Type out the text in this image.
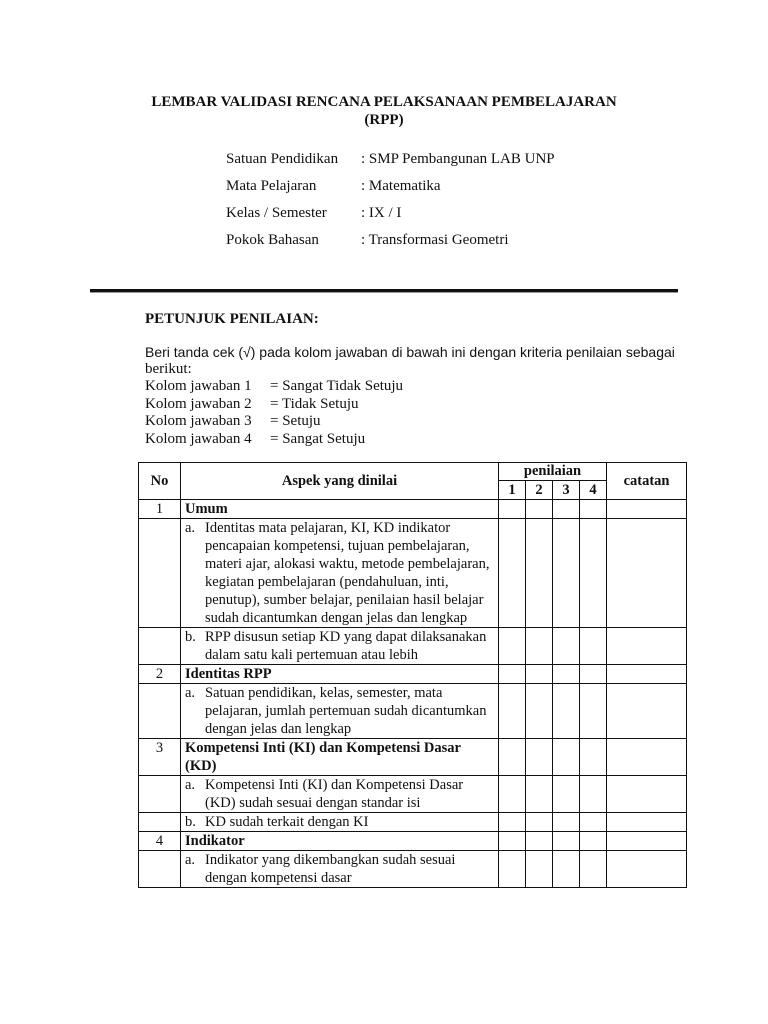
LEMBAR VALIDASI RENCANA PELAKSANAAN PEMBELAJARAN
(RPP)
Satuan Pendidikan	: SMP Pembangunan LAB UNP
Mata Pelajaran	: Matematika
Kelas / Semester	: IX / I
Pokok Bahasan	: Transformasi Geometri
PETUNJUK PENILAIAN:
Beri tanda cek (√) pada kolom jawaban di bawah ini dengan kriteria penilaian sebagai
berikut:
Kolom jawaban 1	= Sangat Tidak Setuju
Kolom jawaban 2	= Tidak Setuju
Kolom jawaban 3	= Setuju
Kolom jawaban 4	= Sangat Setuju
No	Aspek yang dinilai	penilaian				catatan
		1	2	3	4	
1	Umum					

	a. Identitas mata pelajaran, KI, KD indikator pencapaian kompetensi, tujuan pembelajaran, materi ajar, alokasi waktu, metode pembelajaran, kegiatan pembelajaran (pendahuluan, inti, penutup), sumber belajar, penilaian hasil belajar sudah dicantumkan dengan jelas dan lengkap					

	b. RPP disusun setiap KD yang dapat dilaksanakan dalam satu kali pertemuan atau lebih					

2	Identitas RPP					

	a. Satuan pendidikan, kelas, semester, mata pelajaran, jumlah pertemuan sudah dicantumkan dengan jelas dan lengkap					

3	Kompetensi Inti (KI) dan Kompetensi Dasar (KD)					

	a. Kompetensi Inti (KI) dan Kompetensi Dasar (KD) sudah sesuai dengan standar isi					

	b. KD sudah terkait dengan KI					

4	Indikator					

	a. Indikator yang dikembangkan sudah sesuai dengan kompetensi dasar					
